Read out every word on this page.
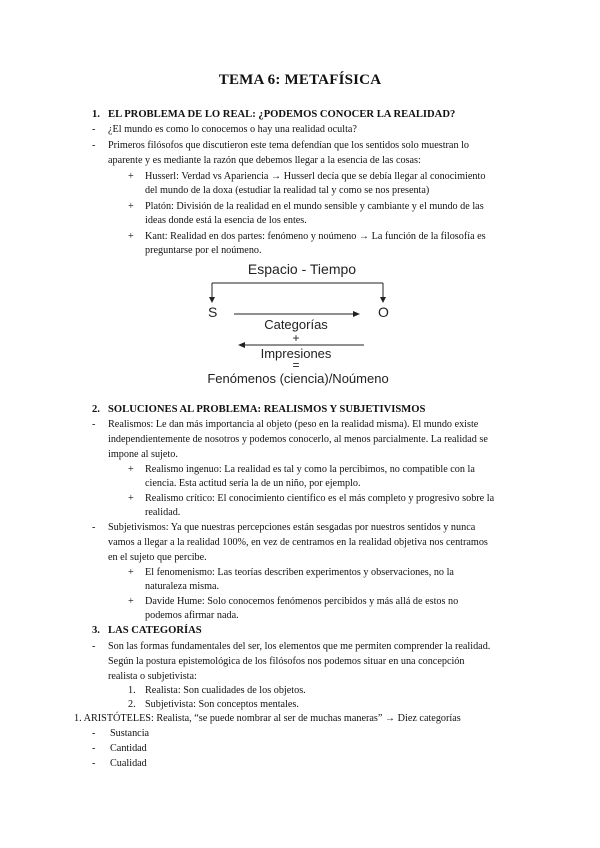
TEMA 6: METAFÍSICA
1. EL PROBLEMA DE LO REAL: ¿PODEMOS CONOCER LA REALIDAD?
- ¿El mundo es como lo conocemos o hay una realidad oculta?
- Primeros filósofos que discutieron este tema defendían que los sentidos solo muestran lo
aparente y es mediante la razón que debemos llegar a la esencia de las cosas:
+ Husserl: Verdad vs Apariencia → Husserl decía que se debía llegar al conocimiento
del mundo de la doxa (estudiar la realidad tal y como se nos presenta)
+ Platón: División de la realidad en el mundo sensible y cambiante y el mundo de las
ideas donde está la esencia de los entes.
+ Kant: Realidad en dos partes: fenómeno y noúmeno → La función de la filosofía es
preguntarse por el noúmeno.
Espacio - Tiempo
S	O
Categorías
+
Impresiones
=
Fenómenos (ciencia)/Noúmeno
2. SOLUCIONES AL PROBLEMA: REALISMOS Y SUBJETIVISMOS
- Realismos: Le dan más importancia al objeto (peso en la realidad misma). El mundo existe
independientemente de nosotros y podemos conocerlo, al menos parcialmente. La realidad se
impone al sujeto.
+ Realismo ingenuo: La realidad es tal y como la percibimos, no compatible con la
ciencia. Esta actitud sería la de un niño, por ejemplo.
+ Realismo crítico: El conocimiento científico es el más completo y progresivo sobre la
realidad.
- Subjetivismos: Ya que nuestras percepciones están sesgadas por nuestros sentidos y nunca
vamos a llegar a la realidad 100%, en vez de centramos en la realidad objetiva nos centramos
en el sujeto que percibe.
+ El fenomenismo: Las teorías describen experimentos y observaciones, no la
naturaleza misma.
+ Davide Hume: Solo conocemos fenómenos percibidos y más allá de estos no
podemos afirmar nada.
3. LAS CATEGORÍAS
- Son las formas fundamentales del ser, los elementos que me permiten comprender la realidad.
Según la postura epistemológica de los filósofos nos podemos situar en una concepción
realista o subjetivista:
1. Realista: Son cualidades de los objetos.
2. Subjetivista: Son conceptos mentales.
1. ARISTÓTELES: Realista, “se puede nombrar al ser de muchas maneras” → Diez categorías
- Sustancia
- Cantidad
- Cualidad
